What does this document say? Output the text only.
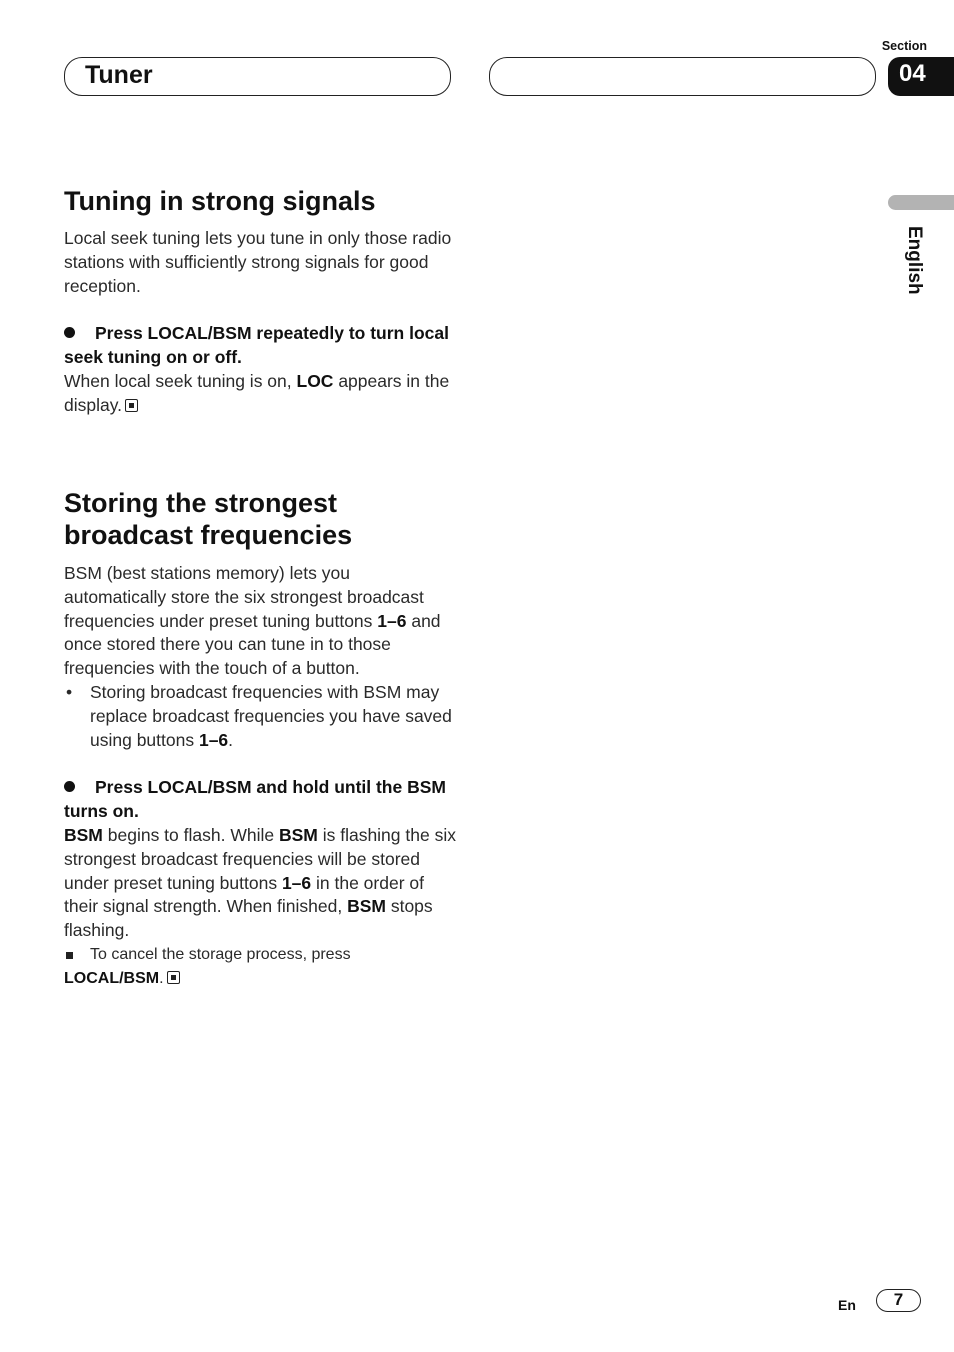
Tuner
Section
04
English
Tuning in strong signals

Local seek tuning lets you tune in only those radio stations with sufficiently strong signals for good reception.

Press LOCAL/BSM repeatedly to turn local seek tuning on or off.

When local seek tuning is on, LOC appears in the display.

Storing the strongest broadcast frequencies

BSM (best stations memory) lets you automatically store the six strongest broadcast frequencies under preset tuning buttons 1–6 and once stored there you can tune in to those frequencies with the touch of a button.

• Storing broadcast frequencies with BSM may replace broadcast frequencies you have saved using buttons 1–6.

Press LOCAL/BSM and hold until the BSM turns on.

BSM begins to flash. While BSM is flashing the six strongest broadcast frequencies will be stored under preset tuning buttons 1–6 in the order of their signal strength. When finished, BSM stops flashing.

To cancel the storage process, press

LOCAL/BSM.

En	7
